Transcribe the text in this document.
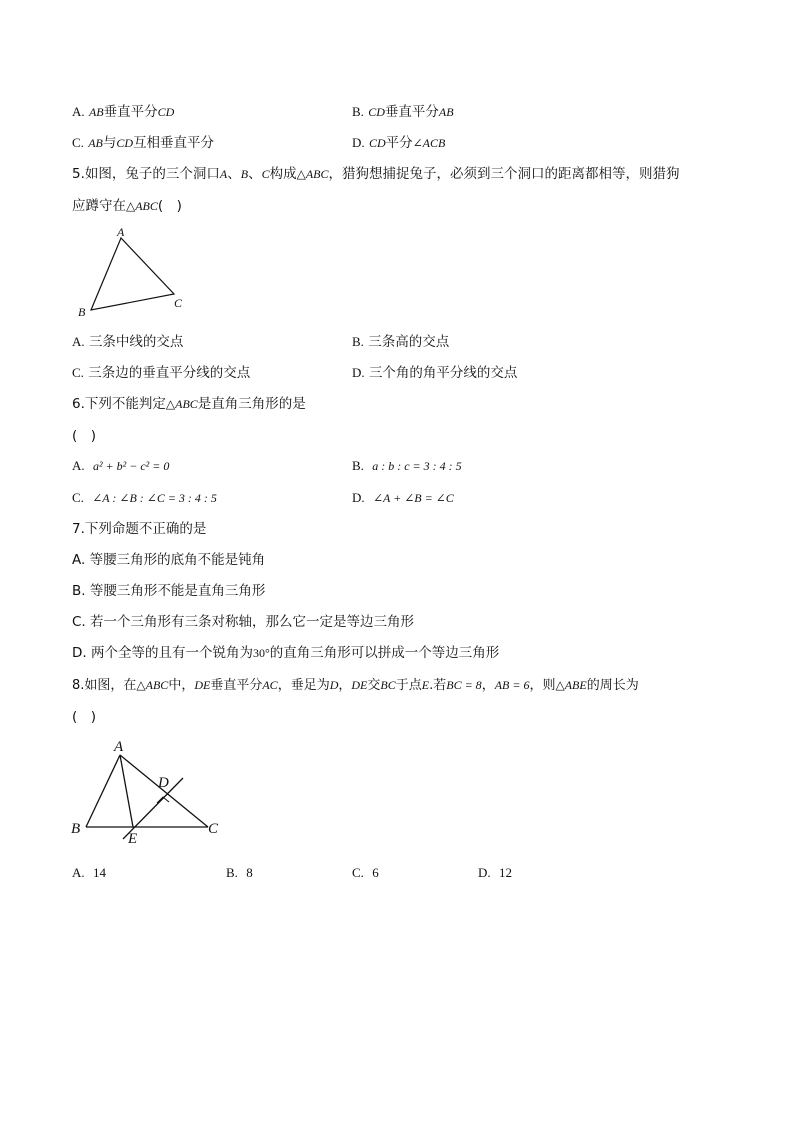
A. AB垂直平分CD	B. CD垂直平分AB
C. AB与CD互相垂直平分	D. CD平分∠ACB
5.如图，兔子的三个洞口A、B、C构成△ABC，猎狗想捕捉兔子，必须到三个洞口的距离都相等，则猎狗
应蹲守在△ABC(　)
A
B
C
A. 三条中线的交点	B. 三条高的交点
C. 三条边的垂直平分线的交点	D. 三个角的角平分线的交点
6.下列不能判定△ABC是直角三角形的是
(　)
A. a² + b² − c² = 0	B. a : b : c = 3 : 4 : 5
C. ∠A : ∠B : ∠C = 3 : 4 : 5	D. ∠A + ∠B = ∠C
7.下列命题不正确的是
A. 等腰三角形的底角不能是钝角
B. 等腰三角形不能是直角三角形
C. 若一个三角形有三条对称轴，那么它一定是等边三角形
D. 两个全等的且有一个锐角为30°的直角三角形可以拼成一个等边三角形
8.如图，在△ABC中，DE垂直平分AC，垂足为D，DE交BC于点E.若BC = 8，AB = 6，则△ABE的周长为
(　)
A
B	C
D
E
A. 14	B. 8	C. 6	D. 12
